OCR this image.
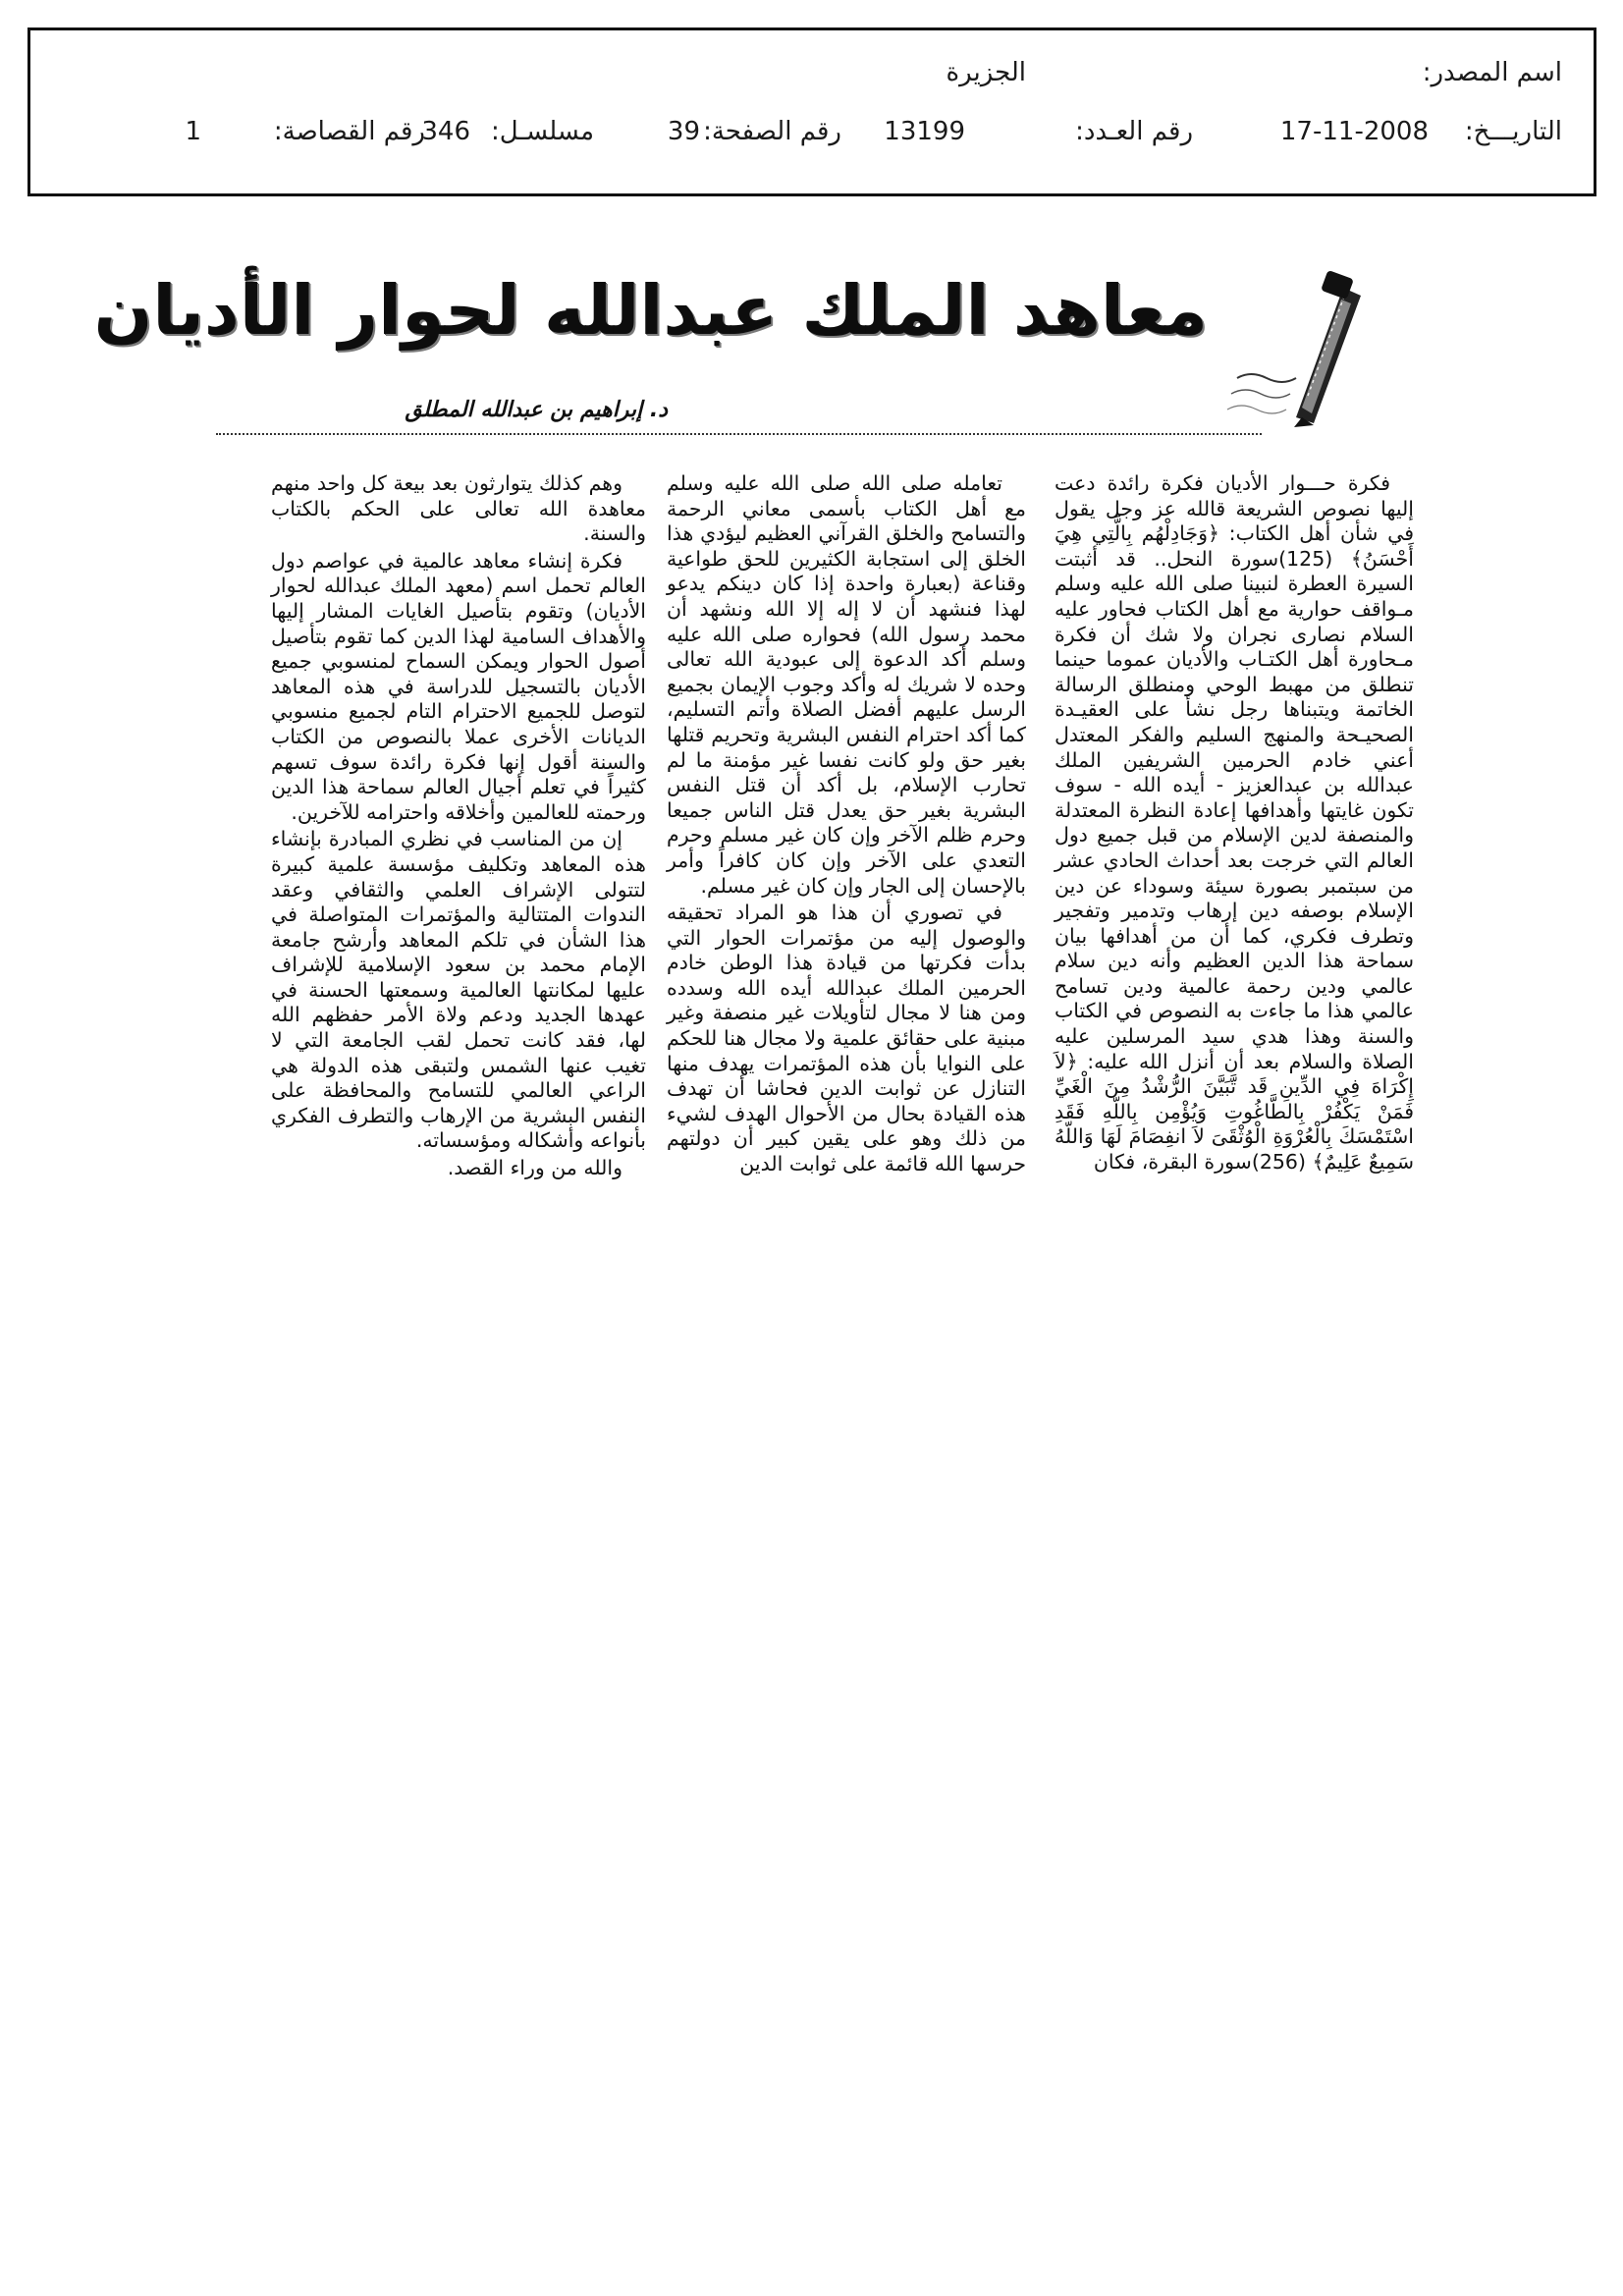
اسم المصدر:
الجزيرة
التاريـــخ:
17-11-2008
رقم العـدد:
13199
رقم الصفحة:
39
مسلسـل:
346
رقم القصاصة:
1
معاهد الملك عبدالله لحوار الأديان
د. إبراهيم بن عبدالله المطلق

فكرة حـــوار الأديان فكرة رائدة دعت إليها نصوص الشريعة قالله عز وجل يقول في شأن أهل الكتاب: ﴿وَجَادِلْهُم بِالَّتِي هِيَ أَحْسَنُ﴾ (125)سورة النحل.. قد أثبتت السيرة العطرة لنبينا صلى الله عليه وسلم مـواقف حوارية مع أهل الكتاب فحاور عليه السلام نصارى نجران ولا شك أن فكرة مـحاورة أهل الكتـاب والأديان عموما حينما تنطلق من مهبط الوحي ومنطلق الرسالة الخاتمة ويتبناها رجل نشأ على العقيـدة الصحيـحة والمنهج السليم والفكر المعتدل أعني خادم الحرمين الشريفين الملك عبدالله بن عبدالعزيز - أيده الله - سوف تكون غايتها وأهدافها إعادة النظرة المعتدلة والمنصفة لدين الإسلام من قبل جميع دول العالم التي خرجت بعد أحداث الحادي عشر من سبتمبر بصورة سيئة وسوداء عن دين الإسلام بوصفه دين إرهاب وتدمير وتفجير وتطرف فكري، كما أن من أهدافها بيان سماحة هذا الدين العظيم وأنه دين سلام عالمي ودين رحمة عالمية ودين تسامح عالمي هذا ما جاءت به النصوص في الكتاب والسنة وهذا هدي سيد المرسلين عليه الصلاة والسلام بعد أن أنزل الله عليه: ﴿لاَ إِكْرَاهَ فِي الدِّينِ قَد تَّبَيَّنَ الرُّشْدُ مِنَ الْغَيِّ فَمَنْ يَكْفُرْ بِالطَّاغُوتِ وَيُؤْمِن بِاللّهِ فَقَدِ اسْتَمْسَكَ بِالْعُرْوَةِ الْوُثْقَىَ لاَ انفِصَامَ لَهَا وَاللّهُ سَمِيعٌ عَلِيمٌ﴾ (256)سورة البقرة، فكان

تعامله صلى الله صلى الله عليه وسلم مع أهل الكتاب بأسمى معاني الرحمة والتسامح والخلق القرآني العظيم ليؤدي هذا الخلق إلى استجابة الكثيرين للحق طواعية وقناعة (بعبارة واحدة إذا كان دينكم يدعو لهذا فنشهد أن لا إله إلا الله ونشهد أن محمد رسول الله) فحواره صلى الله عليه وسلم أكد الدعوة إلى عبودية الله تعالى وحده لا شريك له وأكد وجوب الإيمان بجميع الرسل عليهم أفضل الصلاة وأتم التسليم، كما أكد احترام النفس البشرية وتحريم قتلها بغير حق ولو كانت نفسا غير مؤمنة ما لم تحارب الإسلام، بل أكد أن قتل النفس البشرية بغير حق يعدل قتل الناس جميعا وحرم ظلم الآخر وإن كان غير مسلم وحرم التعدي على الآخر وإن كان كافراً وأمر بالإحسان إلى الجار وإن كان غير مسلم.

في تصوري أن هذا هو المراد تحقيقه والوصول إليه من مؤتمرات الحوار التي بدأت فكرتها من قيادة هذا الوطن خادم الحرمين الملك عبدالله أيده الله وسدده ومن هنا لا مجال لتأويلات غير منصفة وغير مبنية على حقائق علمية ولا مجال هنا للحكم على النوايا بأن هذه المؤتمرات يهدف منها التنازل عن ثوابت الدين فحاشا أن تهدف هذه القيادة بحال من الأحوال الهدف لشيء من ذلك وهو على يقين كبير أن دولتهم حرسها الله قائمة على ثوابت الدين

وهم كذلك يتوارثون بعد بيعة كل واحد منهم معاهدة الله تعالى على الحكم بالكتاب والسنة.

فكرة إنشاء معاهد عالمية في عواصم دول العالم تحمل اسم (معهد الملك عبدالله لحوار الأديان) وتقوم بتأصيل الغايات المشار إليها والأهداف السامية لهذا الدين كما تقوم بتأصيل أصول الحوار ويمكن السماح لمنسوبي جميع الأديان بالتسجيل للدراسة في هذه المعاهد لتوصل للجميع الاحترام التام لجميع منسوبي الديانات الأخرى عملا بالنصوص من الكتاب والسنة أقول إنها فكرة رائدة سوف تسهم كثيراً في تعلم أجيال العالم سماحة هذا الدين ورحمته للعالمين وأخلاقه واحترامه للآخرين.

إن من المناسب في نظري المبادرة بإنشاء هذه المعاهد وتكليف مؤسسة علمية كبيرة لتتولى الإشراف العلمي والثقافي وعقد الندوات المتتالية والمؤتمرات المتواصلة في هذا الشأن في تلكم المعاهد وأرشح جامعة الإمام محمد بن سعود الإسلامية للإشراف عليها لمكانتها العالمية وسمعتها الحسنة في عهدها الجديد ودعم ولاة الأمر حفظهم الله لها، فقد كانت تحمل لقب الجامعة التي لا تغيب عنها الشمس ولتبقى هذه الدولة هي الراعي العالمي للتسامح والمحافظة على النفس البشرية من الإرهاب والتطرف الفكري بأنواعه وأشكاله ومؤسساته.

والله من وراء القصد.
